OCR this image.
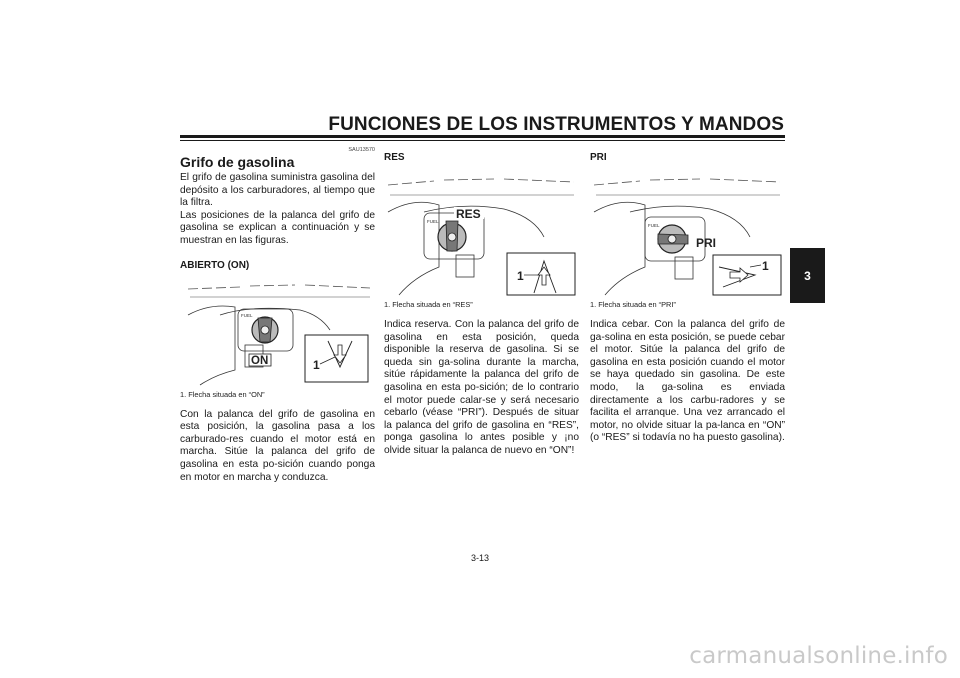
FUNCIONES DE LOS INSTRUMENTOS Y MANDOS
3
SAU13570
Grifo de gasolina

El grifo de gasolina suministra gasolina del depósito a los carburadores, al tiempo que la filtra.

Las posiciones de la palanca del grifo de gasolina se explican a continuación y se muestran en las figuras.

ABIERTO (ON)
FUEL
ON	1
1. Flecha situada en “ON”

Con la palanca del grifo de gasolina en esta posición, la gasolina pasa a los carburado-res cuando el motor está en marcha. Sitúe la palanca del grifo de gasolina en esta po-sición cuando ponga en motor en marcha y conduzca.

RES
FUEL
RES
1
1. Flecha situada en “RES”

Indica reserva. Con la palanca del grifo de gasolina en esta posición, queda disponible la reserva de gasolina. Si se queda sin ga-solina durante la marcha, sitúe rápidamente la palanca del grifo de gasolina en esta po-sición; de lo contrario el motor puede calar-se y será necesario cebarlo (véase “PRI”). Después de situar la palanca del grifo de gasolina en “RES”, ponga gasolina lo antes posible y ¡no olvide situar la palanca de nuevo en “ON”!

PRI
FUEL
PRI
1
1. Flecha situada en “PRI”

Indica cebar. Con la palanca del grifo de ga-solina en esta posición, se puede cebar el motor. Sitúe la palanca del grifo de gasolina en esta posición cuando el motor se haya quedado sin gasolina. De este modo, la ga-solina es enviada directamente a los carbu-radores y se facilita el arranque. Una vez arrancado el motor, no olvide situar la pa-lanca en “ON” (o “RES” si todavía no ha puesto gasolina).

3-13
carmanualsonline.info
